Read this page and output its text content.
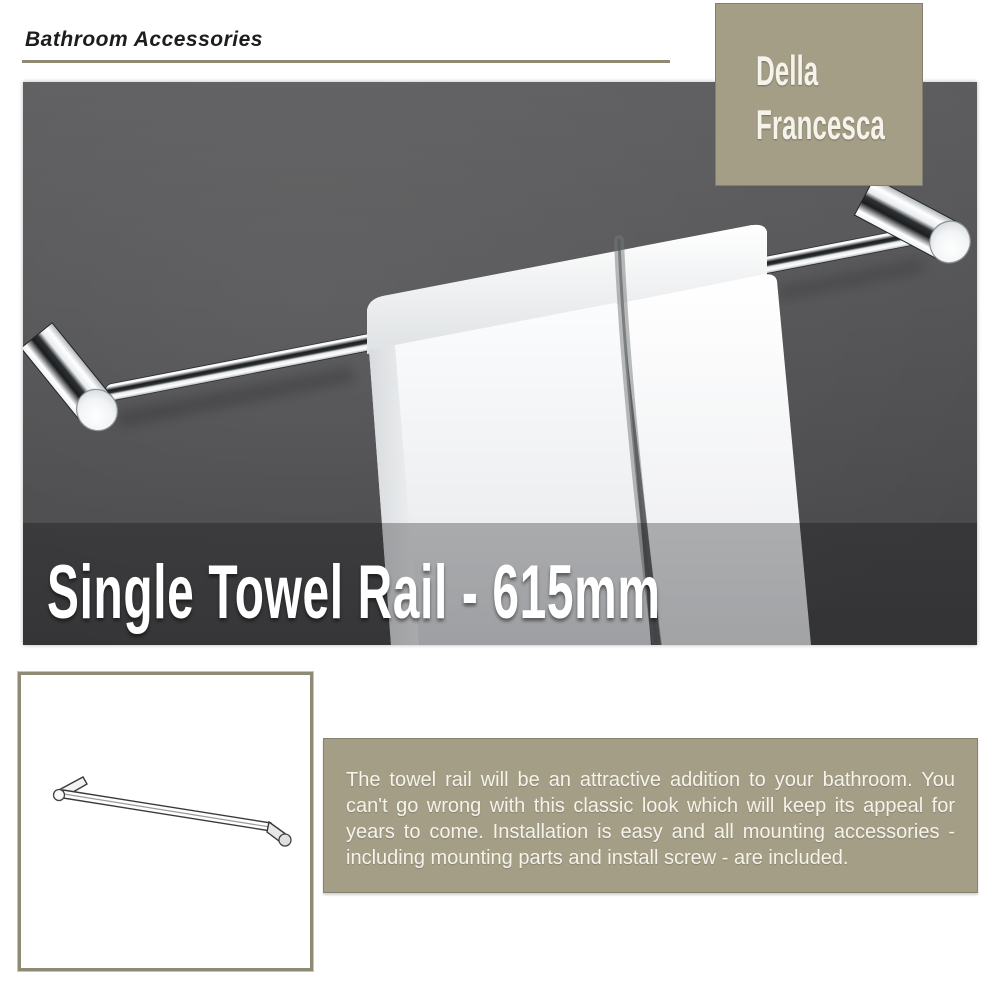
Bathroom Accessories
Della
Francesca
Single Towel Rail - 615mm

The towel rail will be an attractive addition to your bathroom. You can't go wrong with this classic look which will keep its appeal for years to come. Installation is easy and all mounting accessories - including mounting parts and install screw - are included.
